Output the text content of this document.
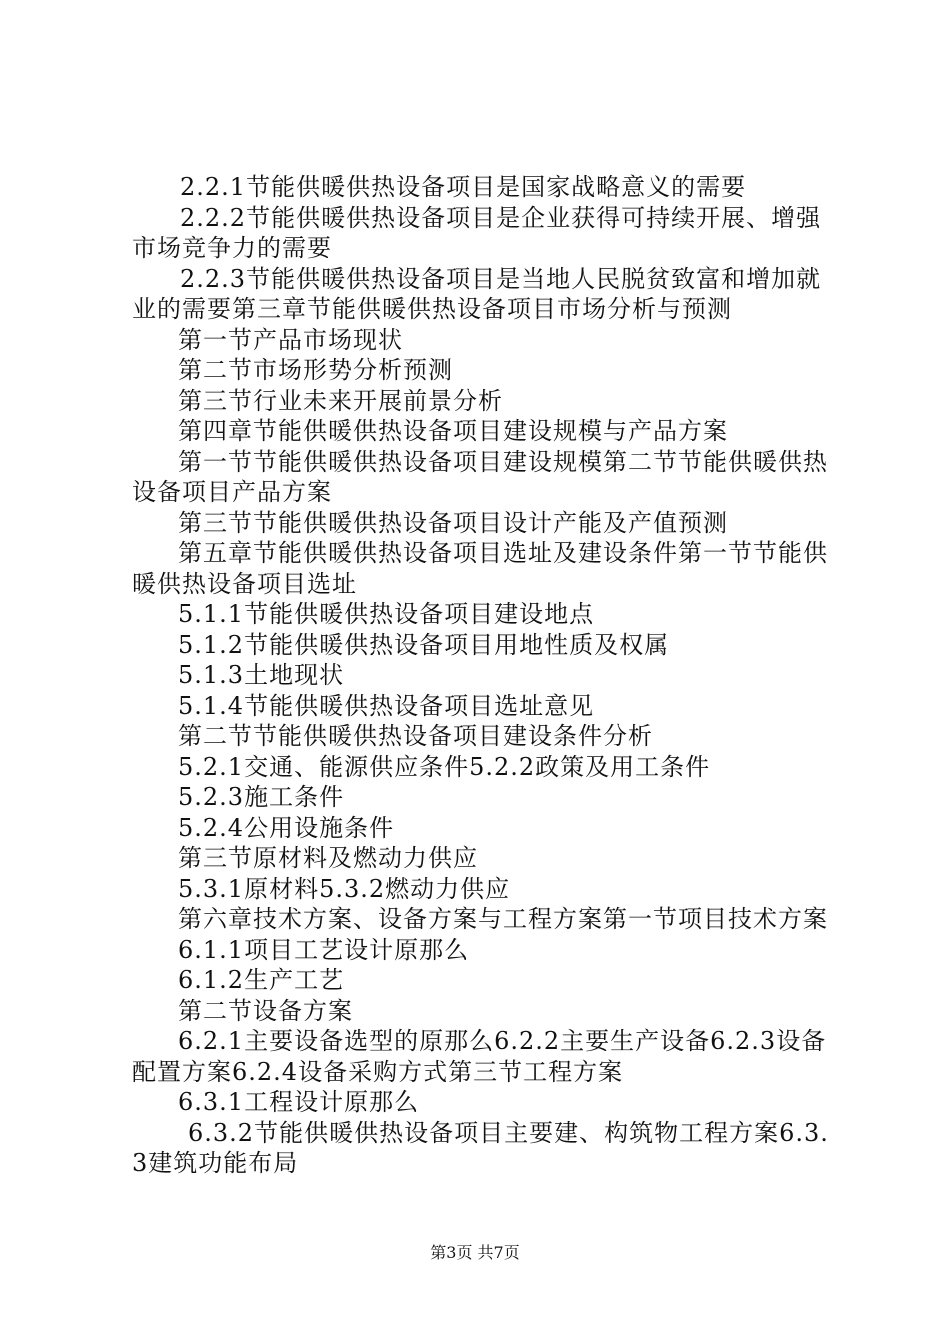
2.2.1节能供暖供热设备项目是国家战略意义的需要

2.2.2节能供暖供热设备项目是企业获得可持续开展、增强市场竞争力的需要

2.2.3节能供暖供热设备项目是当地人民脱贫致富和增加就业的需要第三章节能供暖供热设备项目市场分析与预测

第一节产品市场现状

第二节市场形势分析预测

第三节行业未来开展前景分析

第四章节能供暖供热设备项目建设规模与产品方案

第一节节能供暖供热设备项目建设规模第二节节能供暖供热设备项目产品方案

第三节节能供暖供热设备项目设计产能及产值预测

第五章节能供暖供热设备项目选址及建设条件第一节节能供暖供热设备项目选址

5.1.1节能供暖供热设备项目建设地点

5.1.2节能供暖供热设备项目用地性质及权属

5.1.3土地现状

5.1.4节能供暖供热设备项目选址意见

第二节节能供暖供热设备项目建设条件分析

5.2.1交通、能源供应条件5.2.2政策及用工条件

5.2.3施工条件

5.2.4公用设施条件

第三节原材料及燃动力供应

5.3.1原材料5.3.2燃动力供应

第六章技术方案、设备方案与工程方案第一节项目技术方案

6.1.1项目工艺设计原那么

6.1.2生产工艺

第二节设备方案

6.2.1主要设备选型的原那么6.2.2主要生产设备6.2.3设备配置方案6.2.4设备采购方式第三节工程方案

6.3.1工程设计原那么

6.3.2节能供暖供热设备项目主要建、构筑物工程方案6.3.3建筑功能布局

第3页 共7页
